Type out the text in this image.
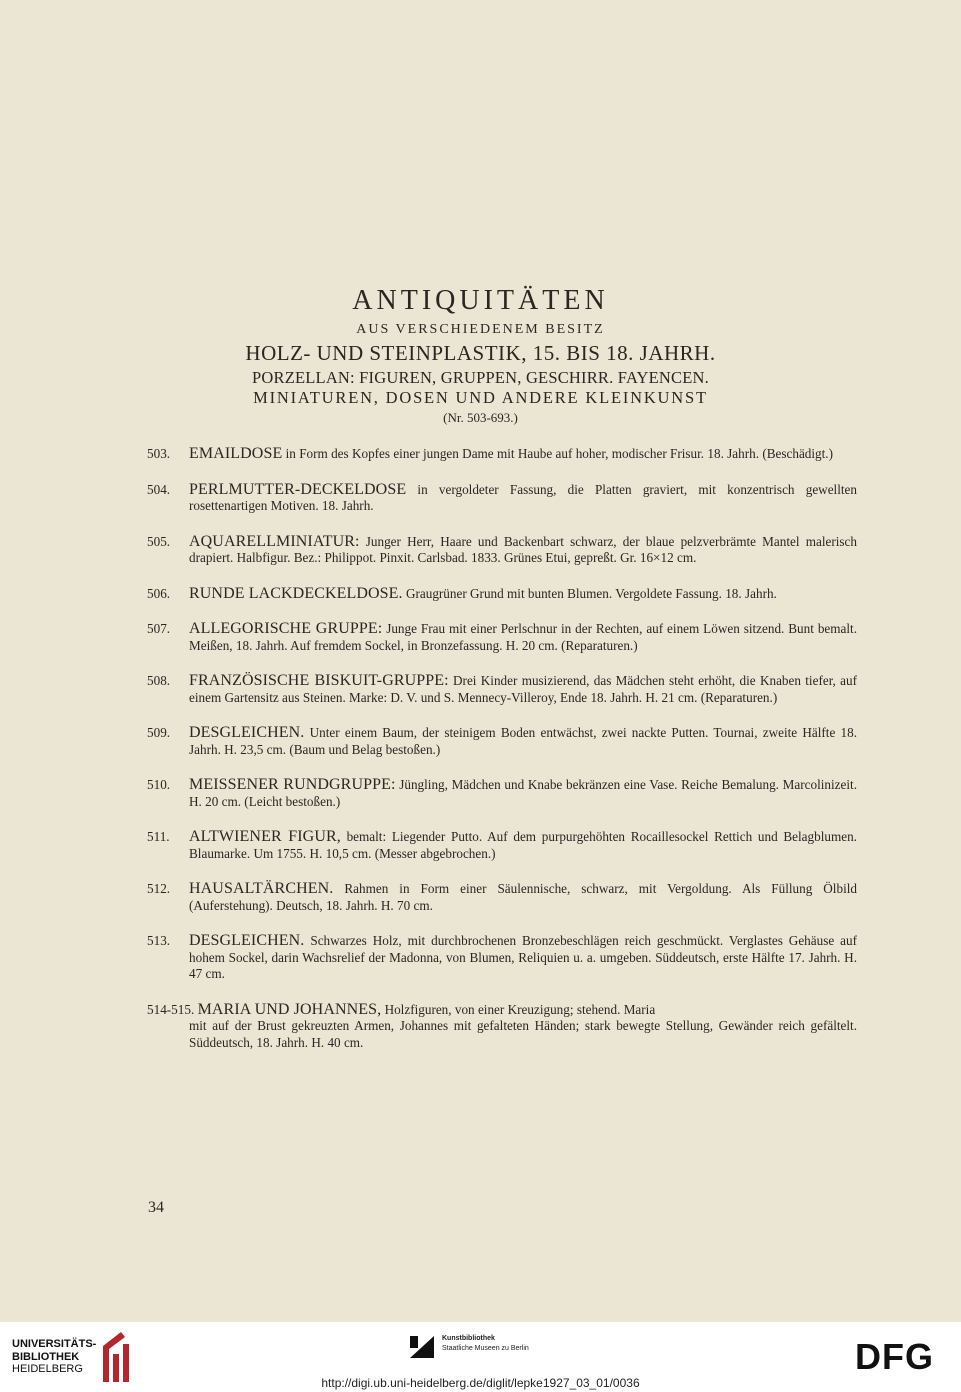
ANTIQUITÄTEN
AUS VERSCHIEDENEM BESITZ
HOLZ- UND STEINPLASTIK, 15. BIS 18. JAHRH.
PORZELLAN: FIGUREN, GRUPPEN, GESCHIRR. FAYENCEN.
MINIATUREN, DOSEN UND ANDERE KLEINKUNST
(Nr. 503-693.)
503.	EMAILDOSE in Form des Kopfes einer jungen Dame mit Haube auf hoher, modischer Frisur. 18. Jahrh. (Beschädigt.)
504.	PERLMUTTER-DECKELDOSE in vergoldeter Fassung, die Platten graviert, mit konzentrisch gewellten rosettenartigen Motiven. 18. Jahrh.
505.	AQUARELLMINIATUR: Junger Herr, Haare und Backenbart schwarz, der blaue pelzverbrämte Mantel malerisch drapiert. Halbfigur. Bez.: Philippot. Pinxit. Carlsbad. 1833. Grünes Etui, gepreßt. Gr. 16×12 cm.
506.	RUNDE LACKDECKELDOSE. Graugrüner Grund mit bunten Blumen. Vergoldete Fassung. 18. Jahrh.
507.	ALLEGORISCHE GRUPPE: Junge Frau mit einer Perlschnur in der Rechten, auf einem Löwen sitzend. Bunt bemalt. Meißen, 18. Jahrh. Auf fremdem Sockel, in Bronzefassung. H. 20 cm. (Reparaturen.)
508.	FRANZÖSISCHE BISKUIT-GRUPPE: Drei Kinder musizierend, das Mädchen steht erhöht, die Knaben tiefer, auf einem Gartensitz aus Steinen. Marke: D. V. und S. Mennecy-Villeroy, Ende 18. Jahrh. H. 21 cm. (Reparaturen.)
509.	DESGLEICHEN. Unter einem Baum, der steinigem Boden entwächst, zwei nackte Putten. Tournai, zweite Hälfte 18. Jahrh. H. 23,5 cm. (Baum und Belag bestoßen.)
510.	MEISSENER RUNDGRUPPE: Jüngling, Mädchen und Knabe bekränzen eine Vase. Reiche Bemalung. Marcolinizeit. H. 20 cm. (Leicht bestoßen.)
511.	ALTWIENER FIGUR, bemalt: Liegender Putto. Auf dem purpurgehöhten Rocaillesockel Rettich und Belagblumen. Blaumarke. Um 1755. H. 10,5 cm. (Messer abgebrochen.)
512.	HAUSALTÄRCHEN. Rahmen in Form einer Säulennische, schwarz, mit Vergoldung. Als Füllung Ölbild (Auferstehung). Deutsch, 18. Jahrh. H. 70 cm.
513.	DESGLEICHEN. Schwarzes Holz, mit durchbrochenen Bronzebeschlägen reich geschmückt. Verglastes Gehäuse auf hohem Sockel, darin Wachsrelief der Madonna, von Blumen, Reliquien u. a. umgeben. Süddeutsch, erste Hälfte 17. Jahrh. H. 47 cm.
514-515. MARIA UND JOHANNES, Holzfiguren, von einer Kreuzigung; stehend. Maria
mit auf der Brust gekreuzten Armen, Johannes mit gefalteten Händen; stark bewegte Stellung, Gewänder reich gefältelt. Süddeutsch, 18. Jahrh. H. 40 cm.
34
UNIVERSITÄTS-
BIBLIOTHEK
HEIDELBERG
Kunstbibliothek
Staatliche Museen zu Berlin	DFG
http://digi.ub.uni-heidelberg.de/diglit/lepke1927_03_01/0036
